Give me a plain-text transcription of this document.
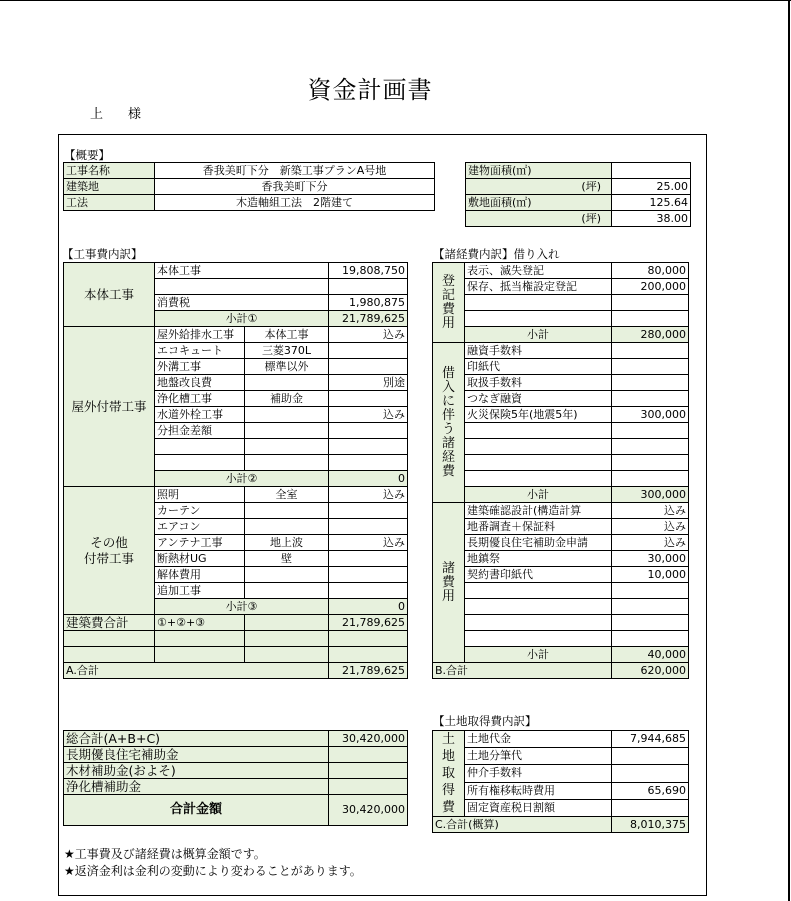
資金計画書
上　様
【概要】
工事名称	香我美町下分　新築工事プランA号地
建築地	香我美町下分
工法	木造軸組工法　2階建て
建物面積(㎡)	
(坪)	25.00
敷地面積(㎡)	125.64
(坪)	38.00
【工事費内訳】
本体工事	本体工事		19,808,750

	消費税		1,980,875
	小計①		21,789,625
屋外付帯工事	屋外給排水工事	本体工事	込み
	エコキュート	三菱370L	
	外溝工事	標準以外	
	地盤改良費		別途
	浄化槽工事	補助金	
	水道外栓工事		込み
	分担金差額		

	小計②		0
その他
付帯工事	照明	全室	込み
	カーテン		
	エアコン		
	アンテナ工事	地上波	込み
	断熱材UG	壁	
	解体費用		
	追加工事		
	小計③		0
建築費合計	①+②+③		21,789,625

A.合計			21,789,625
【諸経費内訳】借り入れ
登記費用	表示、滅失登記	80,000
	保存、抵当権設定登記	200,000

	小計	280,000
借入に伴う諸経費	融資手数料	
	印紙代	
	取扱手数料	
	つなぎ融資	
	火災保険5年(地震5年)	300,000

	小計	300,000
諸費用	建築確認設計(構造計算	込み
	地番調査＋保証料	込み
	長期優良住宅補助金申請	込み
	地鎮祭	30,000
	契約書印紙代	10,000

	小計	40,000
B.合計		620,000
【土地取得費内訳】
土地取得費	土地代金	7,944,685
	土地分筆代	
	仲介手数料	
	所有権移転時費用	65,690
	固定資産税日割額	
C.合計(概算)		8,010,375
総合計(A+B+C)	30,420,000
長期優良住宅補助金	
木材補助金(およそ)	
浄化槽補助金	
合計金額	30,420,000
★工事費及び諸経費は概算金額です。
★返済金利は金利の変動により変わることがあります。
